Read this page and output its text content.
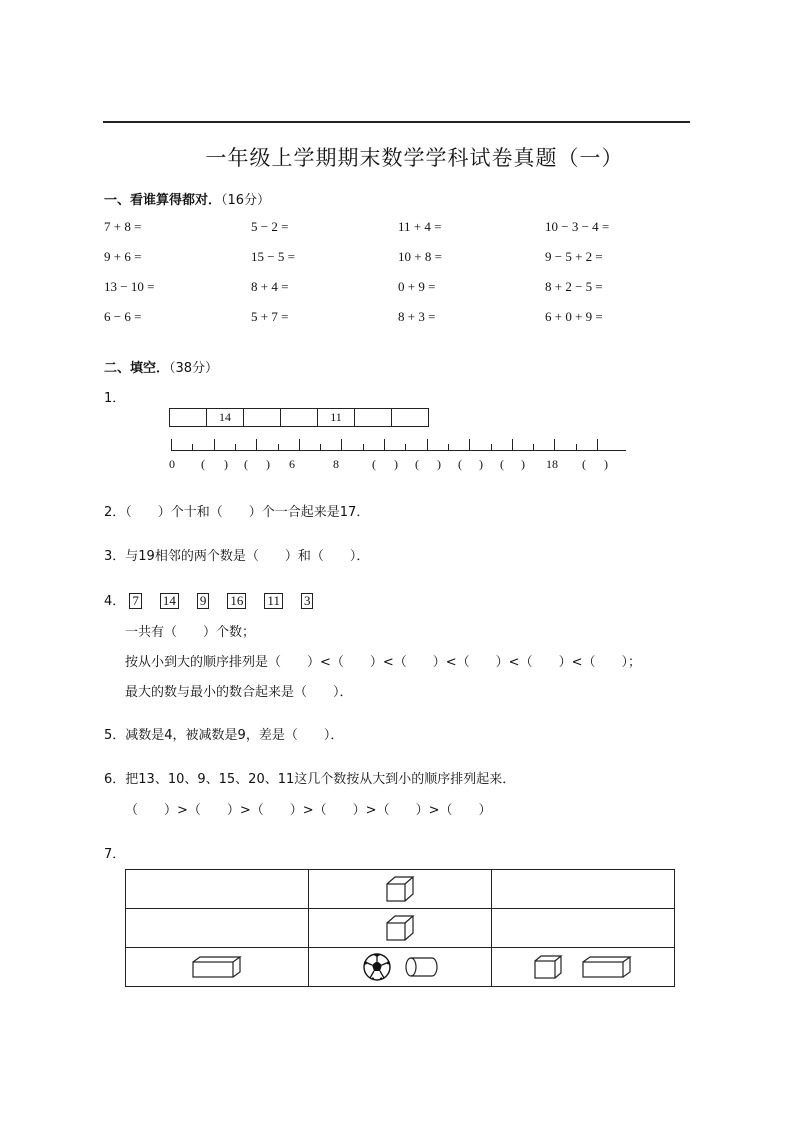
一年级上学期期末数学学科试卷真题（一）
一、看谁算得都对．（16分）
7 + 8 =	5 − 2 =	11 + 4 =	10 − 3 − 4 =
9 + 6 =	15 − 5 =	10 + 8 =	9 − 5 + 2 =
13 − 10 =	8 + 4 =	0 + 9 =	8 + 2 − 5 =
6 − 6 =	5 + 7 =	8 + 3 =	6 + 0 + 9 =
二、填空．（38分）
1．
14	11
0 ( ) ( ) 6	8	( ) ( ) ( ) ( ) 18 ( )
2．（　　）个十和（　　）个一合起来是17．
3．与19相邻的两个数是（　　）和（　　）．
4． 7 14 9 16 11 3
一共有（　　）个数；
按从小到大的顺序排列是（　　）<（　　）<（　　）<（　　）<（　　）<（　　）；
最大的数与最小的数合起来是（　　）．
5．减数是4，被减数是9，差是（　　）．
6．把13、10、9、15、20、11这几个数按从大到小的顺序排列起来．
（　　）>（　　）>（　　）>（　　）>（　　）>（　　）
7．
